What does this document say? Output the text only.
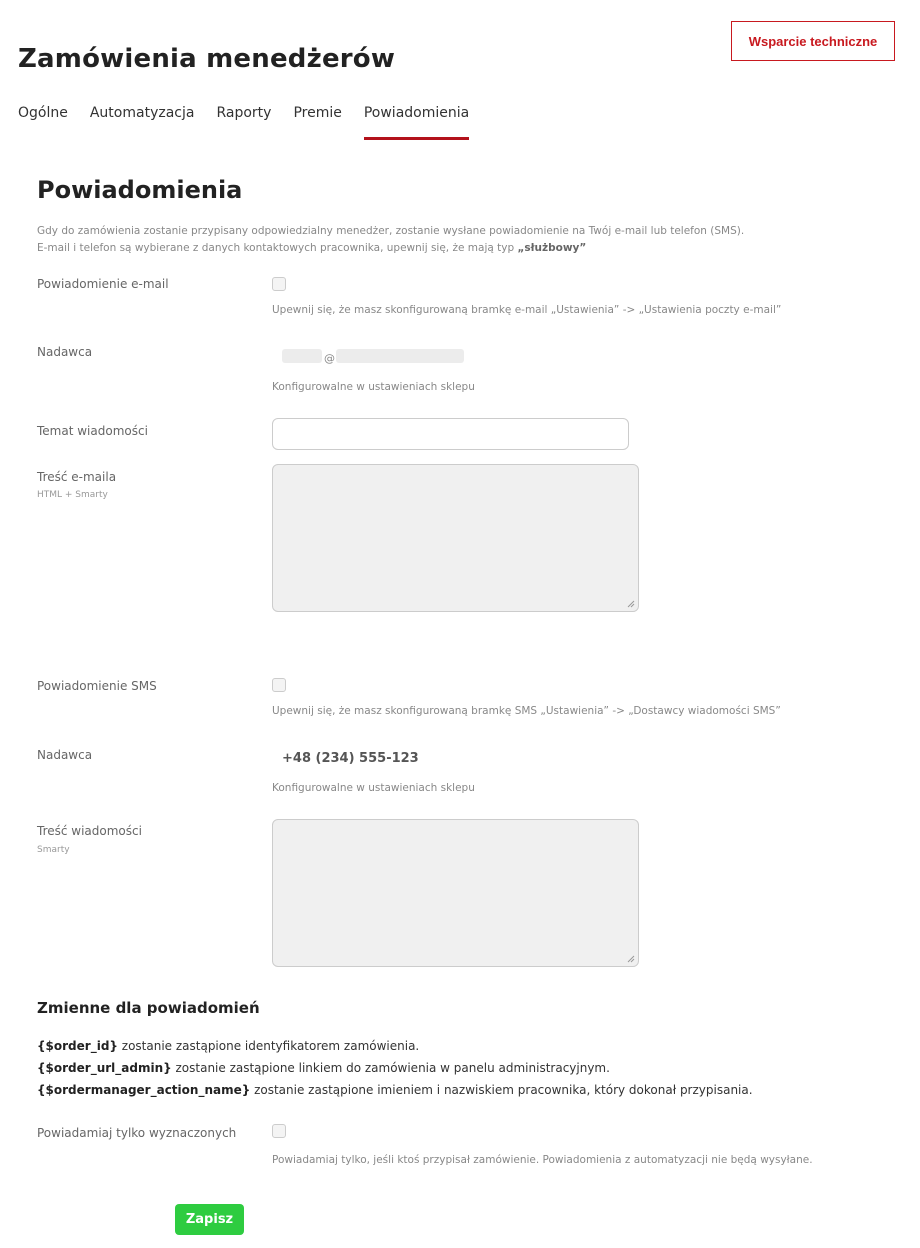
Wsparcie techniczne
Zamówienia menedżerów
Ogólne Automatyzacja Raporty Premie Powiadomienia
Powiadomienia
Gdy do zamówienia zostanie przypisany odpowiedzialny menedżer, zostanie wysłane powiadomienie na Twój e-mail lub telefon (SMS).
E-mail i telefon są wybierane z danych kontaktowych pracownika, upewnij się, że mają typ „służbowy”
Powiadomienie e-mail
Upewnij się, że masz skonfigurowaną bramkę e-mail „Ustawienia” -> „Ustawienia poczty e-mail”
Nadawca	@
Konfigurowalne w ustawieniach sklepu
Temat wiadomości
Treść e-maila
HTML + Smarty
Powiadomienie SMS
Upewnij się, że masz skonfigurowaną bramkę SMS „Ustawienia” -> „Dostawcy wiadomości SMS”
Nadawca	+48 (234) 555-123
Konfigurowalne w ustawieniach sklepu
Treść wiadomości
Smarty
Zmienne dla powiadomień
{$order_id} zostanie zastąpione identyfikatorem zamówienia.
{$order_url_admin} zostanie zastąpione linkiem do zamówienia w panelu administracyjnym.
{$ordermanager_action_name} zostanie zastąpione imieniem i nazwiskiem pracownika, który dokonał przypisania.
Powiadamiaj tylko wyznaczonych
Powiadamiaj tylko, jeśli ktoś przypisał zamówienie. Powiadomienia z automatyzacji nie będą wysyłane.
Zapisz
